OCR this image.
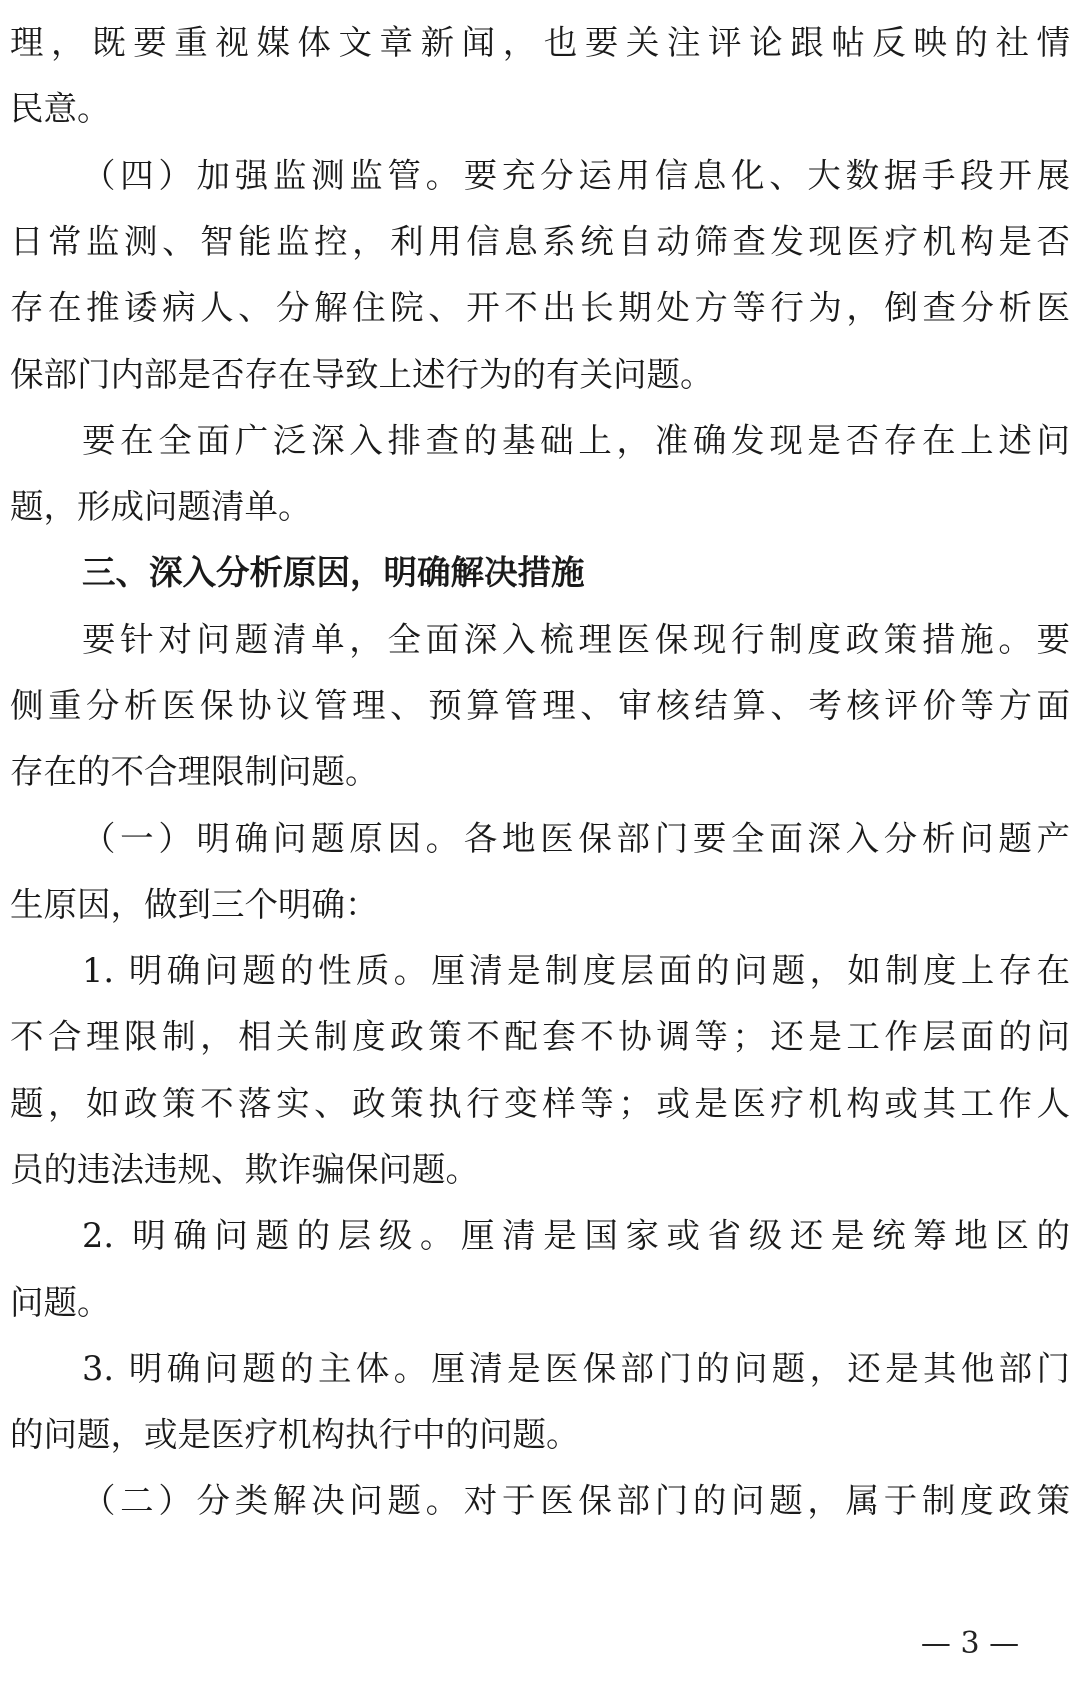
理，既要重视媒体文章新闻，也要关注评论跟帖反映的社情
民意。
（四）加强监测监管。要充分运用信息化、大数据手段开展
日常监测、智能监控，利用信息系统自动筛查发现医疗机构是否
存在推诿病人、分解住院、开不出长期处方等行为，倒查分析医
保部门内部是否存在导致上述行为的有关问题。
要在全面广泛深入排查的基础上，准确发现是否存在上述问
题，形成问题清单。
三、深入分析原因，明确解决措施
要针对问题清单，全面深入梳理医保现行制度政策措施。要
侧重分析医保协议管理、预算管理、审核结算、考核评价等方面
存在的不合理限制问题。
（一）明确问题原因。各地医保部门要全面深入分析问题产
生原因，做到三个明确：
1. 明确问题的性质。厘清是制度层面的问题，如制度上存在
不合理限制，相关制度政策不配套不协调等；还是工作层面的问
题，如政策不落实、政策执行变样等；或是医疗机构或其工作人
员的违法违规、欺诈骗保问题。
2. 明确问题的层级。厘清是国家或省级还是统筹地区的
问题。
3. 明确问题的主体。厘清是医保部门的问题，还是其他部门
的问题，或是医疗机构执行中的问题。
（二）分类解决问题。对于医保部门的问题，属于制度政策
— 3 —
